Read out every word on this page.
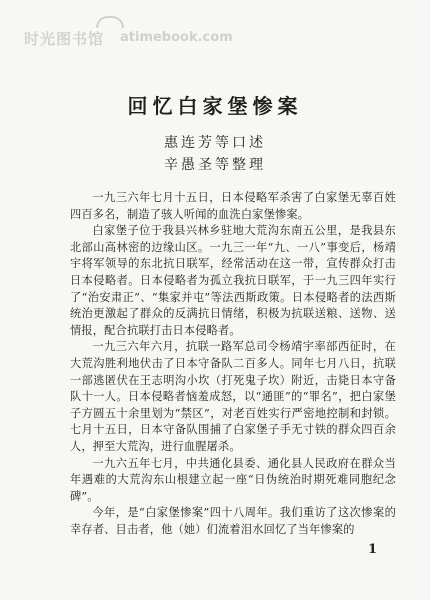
时光图书馆 atimebook.com
回忆白家堡惨案
惠连芳等口述
辛愚圣等整理

一九三六年七月十五日，日本侵略军杀害了白家堡无辜百姓四百多名，制造了骇人听闻的血洗白家堡惨案。

白家堡子位于我县兴林乡驻地大荒沟东南五公里，是我县东北部山高林密的边缘山区。一九三一年“九、一八”事变后，杨靖宇将军领导的东北抗日联军，经常活动在这一带，宣传群众打击日本侵略者。日本侵略者为孤立我抗日联军，于一九三四年实行了“治安肃正”、“集家并屯”等法西斯政策。日本侵略者的法西斯统治更激起了群众的反满抗日情绪，积极为抗联送粮、送物、送情报，配合抗联打击日本侵略者。

一九三六年六月，抗联一路军总司令杨靖宇率部西征时，在大荒沟胜利地伏击了日本守备队二百多人。同年七月八日，抗联一部逃匿伏在王志明沟小坎（打死鬼子坎）附近，击毙日本守备队十一人。日本侵略者恼羞成怒，以“通匪”的“罪名”，把白家堡子方圆五十余里划为“禁区”，对老百姓实行严密地控制和封锁。七月十五日，日本守备队围捕了白家堡子手无寸铁的群众四百余人，押至大荒沟，进行血腥屠杀。

一九六五年七月，中共通化县委、通化县人民政府在群众当年遇难的大荒沟东山根建立起一座“日伪统治时期死难同胞纪念碑”。

今年，是“白家堡惨案”四十八周年。我们重访了这次惨案的幸存者、目击者，他（她）们流着泪水回忆了当年惨案的

1
